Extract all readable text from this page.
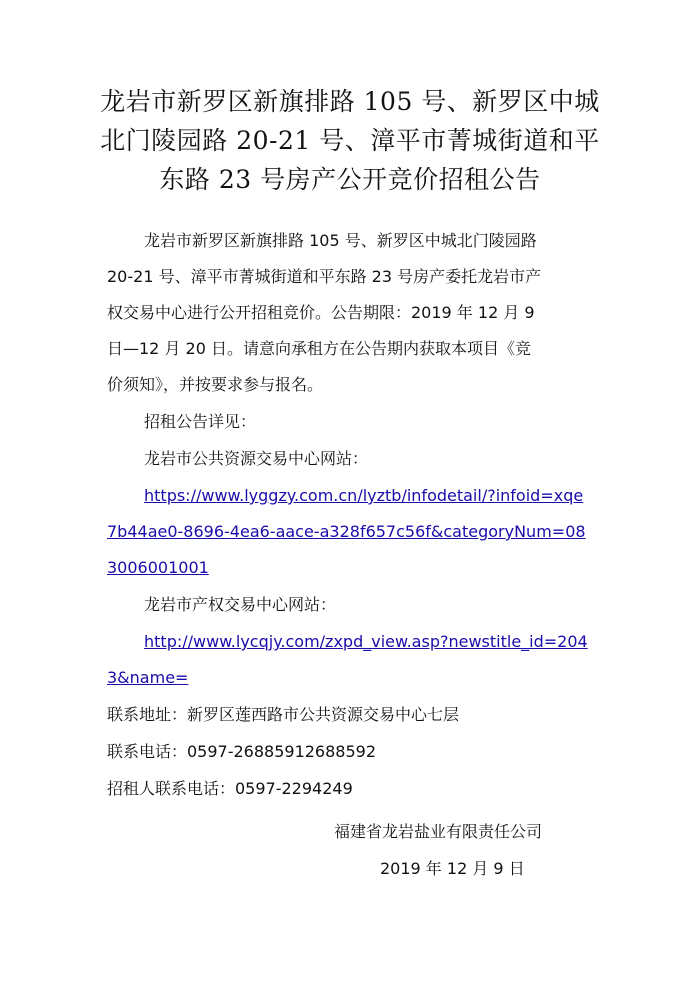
龙岩市新罗区新旗排路 105 号、新罗区中城
北门陵园路 20-21 号、漳平市菁城街道和平
东路 23 号房产公开竞价招租公告
龙岩市新罗区新旗排路 105 号、新罗区中城北门陵园路
20-21 号、漳平市菁城街道和平东路 23 号房产委托龙岩市产
权交易中心进行公开招租竞价。公告期限：2019 年 12 月 9
日—12 月 20 日。请意向承租方在公告期内获取本项目《竞
价须知》，并按要求参与报名。
招租公告详见：
龙岩市公共资源交易中心网站：
https://www.lyggzy.com.cn/lyztb/infodetail/?infoid=xqe
7b44ae0-8696-4ea6-aace-a328f657c56f&categoryNum=08
3006001001
龙岩市产权交易中心网站：
http://www.lycqjy.com/zxpd_view.asp?newstitle_id=204
3&name=
联系地址：新罗区莲西路市公共资源交易中心七层
联系电话：0597-26885912688592
招租人联系电话：0597-2294249
福建省龙岩盐业有限责任公司
2019 年 12 月 9 日
